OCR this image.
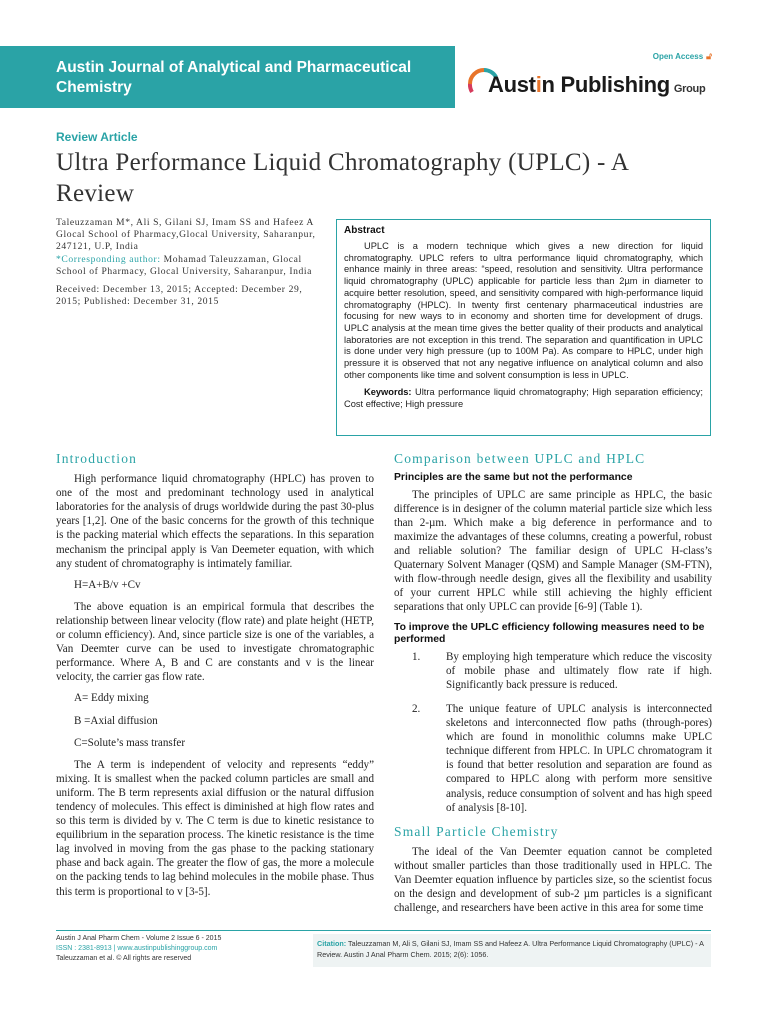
Austin Journal of Analytical and Pharmaceutical Chemistry
Open Access 🔓︎
Austin Publishing Group
Review Article
Ultra Performance Liquid Chromatography (UPLC) - A Review

Taleuzzaman M*, Ali S, Gilani SJ, Imam SS and Hafeez A

Glocal School of Pharmacy,Glocal University, Saharanpur, 247121, U.P, India

*Corresponding author: Mohamad Taleuzzaman, Glocal School of Pharmacy, Glocal University, Saharanpur, India

Received: December 13, 2015; Accepted: December 29, 2015; Published: December 31, 2015

Abstract

UPLC is a modern technique which gives a new direction for liquid chromatography. UPLC refers to ultra performance liquid chromatography, which enhance mainly in three areas: “speed, resolution and sensitivity. Ultra performance liquid chromatography (UPLC) applicable for particle less than 2µm in diameter to acquire better resolution, speed, and sensitivity compared with high-performance liquid chromatography (HPLC). In twenty first centenary pharmaceutical industries are focusing for new ways to in economy and shorten time for development of drugs. UPLC analysis at the mean time gives the better quality of their products and analytical laboratories are not exception in this trend. The separation and quantification in UPLC is done under very high pressure (up to 100M Pa). As compare to HPLC, under high pressure it is observed that not any negative influence on analytical column and also other components like time and solvent consumption is less in UPLC.

Keywords: Ultra performance liquid chromatography; High separation efficiency; Cost effective; High pressure

Introduction

High performance liquid chromatography (HPLC) has proven to one of the most and predominant technology used in analytical laboratories for the analysis of drugs worldwide during the past 30-plus years [1,2]. One of the basic concerns for the growth of this technique is the packing material which effects the separations. In this separation mechanism the principal apply is Van Deemeter equation, with which any student of chromatography is intimately familiar.

H=A+B/v +Cv

The above equation is an empirical formula that describes the relationship between linear velocity (flow rate) and plate height (HETP, or column efficiency). And, since particle size is one of the variables, a Van Deemter curve can be used to investigate chromatographic performance. Where A, B and C are constants and v is the linear velocity, the carrier gas flow rate.

A= Eddy mixing

B =Axial diffusion

C=Solute’s mass transfer

The A term is independent of velocity and represents “eddy” mixing. It is smallest when the packed column particles are small and uniform. The B term represents axial diffusion or the natural diffusion tendency of molecules. This effect is diminished at high flow rates and so this term is divided by v. The C term is due to kinetic resistance to equilibrium in the separation process. The kinetic resistance is the time lag involved in moving from the gas phase to the packing stationary phase and back again. The greater the flow of gas, the more a molecule on the packing tends to lag behind molecules in the mobile phase. Thus this term is proportional to v [3-5].

Comparison between UPLC and HPLC

Principles are the same but not the performance

The principles of UPLC are same principle as HPLC, the basic difference is in designer of the column material particle size which less than 2-µm. Which make a big deference in performance and to maximize the advantages of these columns, creating a powerful, robust and reliable solution? The familiar design of UPLC H-class’s Quaternary Solvent Manager (QSM) and Sample Manager (SM-FTN), with flow-through needle design, gives all the flexibility and usability of your current HPLC while still achieving the highly efficient separations that only UPLC can provide [6-9] (Table 1).

To improve the UPLC efficiency following measures need to be performed

1. By employing high temperature which reduce the viscosity of mobile phase and ultimately flow rate if high. Significantly back pressure is reduced.
2. The unique feature of UPLC analysis is interconnected skeletons and interconnected flow paths (through-pores) which are found in monolithic columns make UPLC technique different from HPLC. In UPLC chromatogram it is found that better resolution and separation are found as compared to HPLC along with perform more sensitive analysis, reduce consumption of solvent and has high speed of analysis [8-10].

Small Particle Chemistry

The ideal of the Van Deemter equation cannot be completed without smaller particles than those traditionally used in HPLC. The Van Deemter equation influence by particles size, so the scientist focus on the design and development of sub-2 µm particles is a significant challenge, and researchers have been active in this area for some time

Austin J Anal Pharm Chem - Volume 2 Issue 6 - 2015
ISSN : 2381-8913 | www.austinpublishinggroup.com
Taleuzzaman et al. © All rights are reserved
Citation: Taleuzzaman M, Ali S, Gilani SJ, Imam SS and Hafeez A. Ultra Performance Liquid Chromatography (UPLC) - A Review. Austin J Anal Pharm Chem. 2015; 2(6): 1056.
